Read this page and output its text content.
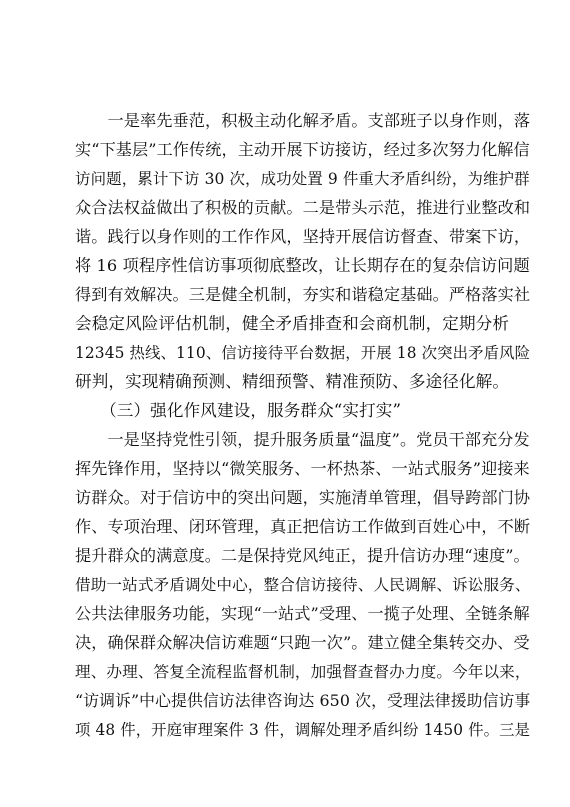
　　一是率先垂范，积极主动化解矛盾。支部班子以身作则，落
实“下基层”工作传统，主动开展下访接访，经过多次努力化解信
访问题，累计下访 30 次，成功处置 9 件重大矛盾纠纷，为维护群
众合法权益做出了积极的贡献。二是带头示范，推进行业整改和
谐。践行以身作则的工作作风，坚持开展信访督查、带案下访，
将 16 项程序性信访事项彻底整改，让长期存在的复杂信访问题
得到有效解决。三是健全机制，夯实和谐稳定基础。严格落实社
会稳定风险评估机制，健全矛盾排查和会商机制，定期分析
12345 热线、110、信访接待平台数据，开展 18 次突出矛盾风险
研判，实现精确预测、精细预警、精准预防、多途径化解。
　　（三）强化作风建设，服务群众“实打实”
　　一是坚持党性引领，提升服务质量“温度”。党员干部充分发
挥先锋作用，坚持以“微笑服务、一杯热茶、一站式服务”迎接来
访群众。对于信访中的突出问题，实施清单管理，倡导跨部门协
作、专项治理、闭环管理，真正把信访工作做到百姓心中，不断
提升群众的满意度。二是保持党风纯正，提升信访办理“速度”。
借助一站式矛盾调处中心，整合信访接待、人民调解、诉讼服务、
公共法律服务功能，实现“一站式”受理、一揽子处理、全链条解
决，确保群众解决信访难题“只跑一次”。建立健全集转交办、受
理、办理、答复全流程监督机制，加强督查督办力度。今年以来，
“访调诉”中心提供信访法律咨询达 650 次，受理法律援助信访事
项 48 件，开庭审理案件 3 件，调解处理矛盾纠纷 1450 件。三是
